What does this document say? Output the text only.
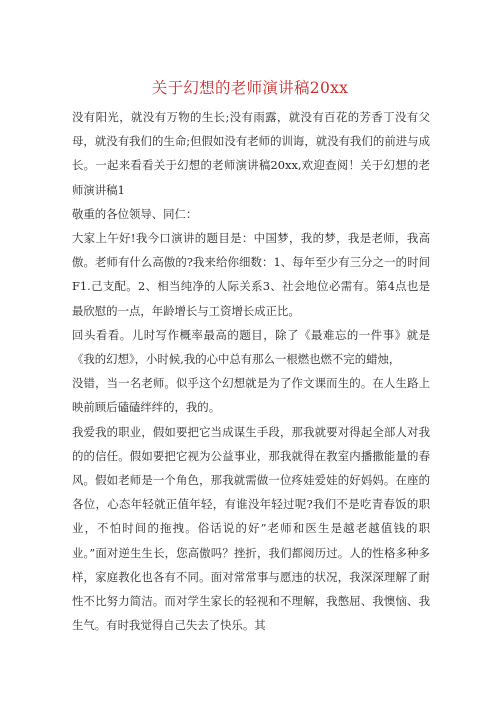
关于幻想的老师演讲稿20xx

没有阳光，就没有万物的生长;没有雨露，就没有百花的芳香丁没有父母，就没有我们的生命;但假如没有老师的训诲，就没有我们的前进与成长。一起来看看关于幻想的老师演讲稿20xx,欢迎查阅！关于幻想的老师演讲稿1

敬重的各位领导、同仁：

大家上午好!我今口演讲的题目是：中国梦，我的梦，我是老师，我高傲。老师有什么高傲的?我来给你细数：1、每年至少有三分之一的时间F1.己支配。2、相当纯净的人际关系3、社会地位必需有。第4点也是最欣慰的一点，年龄增长与工资增长成正比。

回头看看。儿时写作概率最高的题目，除了《最难忘的一件事》就是《我的幻想》，小时候,我的心中总有那么一根燃也燃不完的蜡烛，

没错，当一名老师。似乎这个幻想就是为了作文课而生的。在人生路上映前顾后磕磕绊绊的，我的。

我爱我的职业，假如要把它当成谋生手段，那我就要对得起全部人对我的的信任。假如要把它视为公益事业，那我就得在教室内播撒能量的春风。假如老师是一个角色，那我就需做一位疼娃爱娃的好妈妈。在座的各位，心态年轻就正值年轻，有谁没年轻过呢?我们不是吃青春饭的职业，不怕时间的拖拽。俗话说的好”老师和医生是越老越值钱的职业。”面对逆生生长，您高傲吗？挫折，我们都阅历过。人的性格多种多样，家庭教化也各有不同。面对常常事与愿违的状况，我深深理解了耐性不比努力简洁。而对学生家长的轻视和不理解，我憋屈、我懊恼、我生气。有时我觉得自己失去了快乐。其
